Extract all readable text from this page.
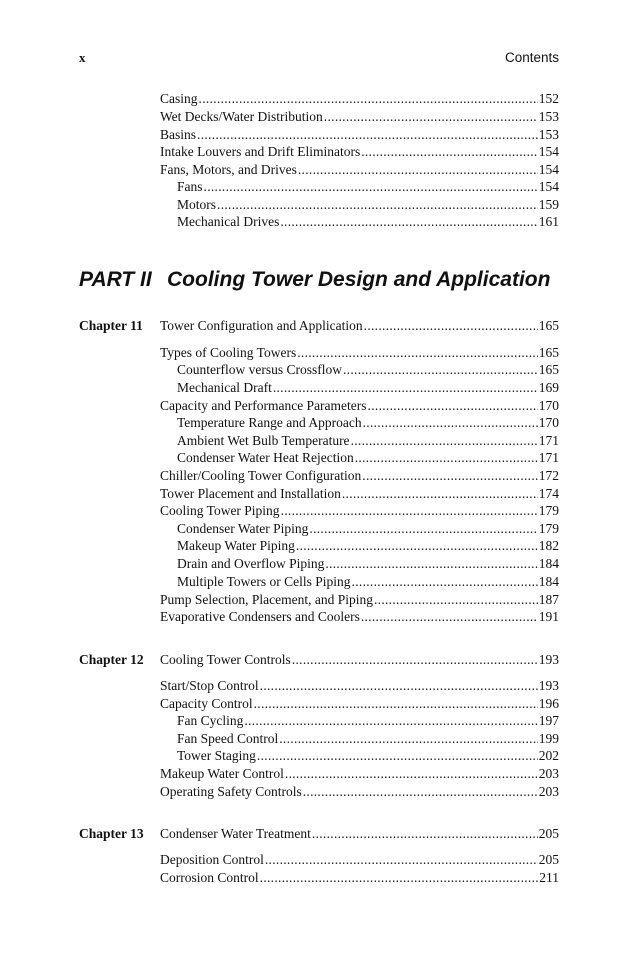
x	Contents
Casing .....	152
Wet Decks/Water Distribution .....	153
Basins .....	153
Intake Louvers and Drift Eliminators .....	154
Fans, Motors, and Drives .....	154
Fans .....	154
Motors .....	159
Mechanical Drives .....	161
PART II Cooling Tower Design and Application
Chapter 11 Tower Configuration and Application .....	165
Types of Cooling Towers .....	165
Counterflow versus Crossflow .....	165
Mechanical Draft .....	169
Capacity and Performance Parameters .....	170
Temperature Range and Approach .....	170
Ambient Wet Bulb Temperature .....	171
Condenser Water Heat Rejection .....	171
Chiller/Cooling Tower Configuration .....	172
Tower Placement and Installation .....	174
Cooling Tower Piping .....	179
Condenser Water Piping .....	179
Makeup Water Piping .....	182
Drain and Overflow Piping .....	184
Multiple Towers or Cells Piping .....	184
Pump Selection, Placement, and Piping .....	187
Evaporative Condensers and Coolers .....	191
Chapter 12 Cooling Tower Controls .....	193
Start/Stop Control .....	193
Capacity Control .....	196
Fan Cycling .....	197
Fan Speed Control .....	199
Tower Staging .....	202
Makeup Water Control .....	203
Operating Safety Controls .....	203
Chapter 13 Condenser Water Treatment .....	205
Deposition Control .....	205
Corrosion Control .....	211
